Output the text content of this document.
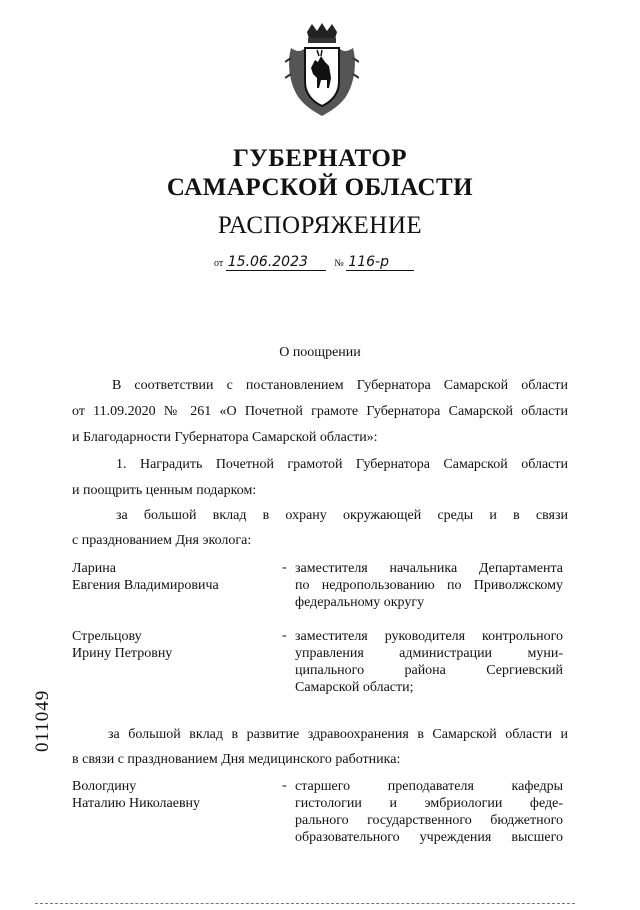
ГУБЕРНАТОР
САМАРСКОЙ ОБЛАСТИ
РАСПОРЯЖЕНИЕ
от 15.06.2023	№ 116-р
О поощрении
В соответствии с постановлением Губернатора Самарской области
от 11.09.2020 № 261 «О Почетной грамоте Губернатора Самарской области
и Благодарности Губернатора Самарской области»:
1. Наградить Почетной грамотой Губернатора Самарской области
и поощрить ценным подарком:
за большой вклад в охрану окружающей среды и в связи
с празднованием Дня эколога:
Ларина
Евгения Владимировича
- заместителя начальника Департамента
по недропользованию по Приволжскому
федеральному округу
Стрельцову
Ирину Петровну
- заместителя руководителя контрольного
управления администрации муни-
ципального района Сергиевский
Самарской области;
за большой вклад в развитие здравоохранения в Самарской области и
в связи с празднованием Дня медицинского работника:
Вологдину
Наталию Николаевну
- старшего преподавателя кафедры
гистологии и эмбриологии феде-
рального государственного бюджетного
образовательного учреждения высшего
011049
